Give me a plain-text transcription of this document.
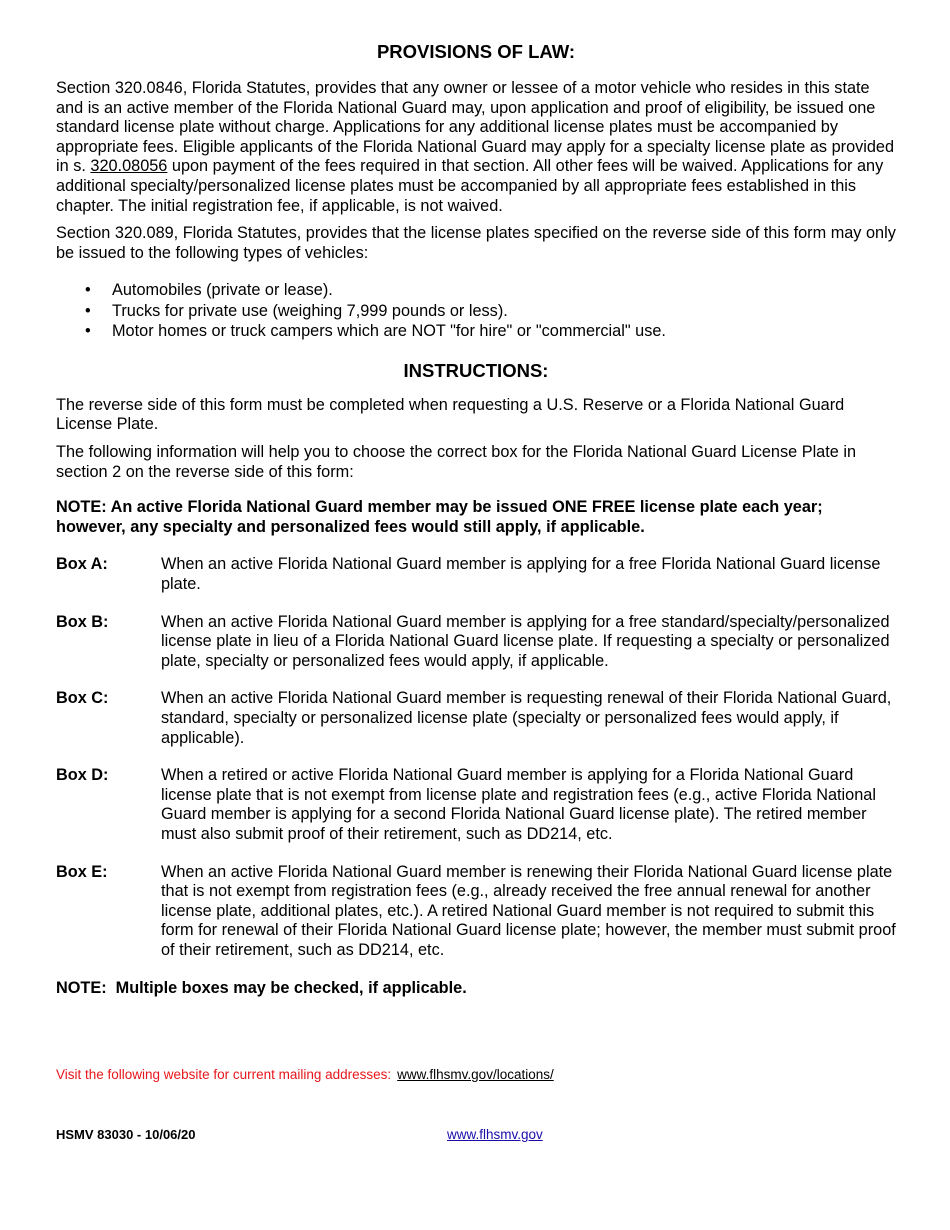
PROVISIONS OF LAW:

Section 320.0846, Florida Statutes, provides that any owner or lessee of a motor vehicle who resides in this state and is an active member of the Florida National Guard may, upon application and proof of eligibility, be issued one standard license plate without charge. Applications for any additional license plates must be accompanied by appropriate fees. Eligible applicants of the Florida National Guard may apply for a specialty license plate as provided in s. 320.08056 upon payment of the fees required in that section. All other fees will be waived. Applications for any additional specialty/personalized license plates must be accompanied by all appropriate fees established in this chapter. The initial registration fee, if applicable, is not waived.

Section 320.089, Florida Statutes, provides that the license plates specified on the reverse side of this form may only be issued to the following types of vehicles:

• Automobiles (private or lease).
• Trucks for private use (weighing 7,999 pounds or less).
• Motor homes or truck campers which are NOT "for hire" or "commercial" use.
INSTRUCTIONS:

The reverse side of this form must be completed when requesting a U.S. Reserve or a Florida National Guard License Plate.

The following information will help you to choose the correct box for the Florida National Guard License Plate in section 2 on the reverse side of this form:

NOTE: An active Florida National Guard member may be issued ONE FREE license plate each year; however, any specialty and personalized fees would still apply, if applicable.

Box A:	When an active Florida National Guard member is applying for a free Florida National Guard license plate.
Box B:	When an active Florida National Guard member is applying for a free standard/specialty/personalized license plate in lieu of a Florida National Guard license plate. If requesting a specialty or personalized plate, specialty or personalized fees would apply, if applicable.
Box C:	When an active Florida National Guard member is requesting renewal of their Florida National Guard, standard, specialty or personalized license plate (specialty or personalized fees would apply, if applicable).
Box D:	When a retired or active Florida National Guard member is applying for a Florida National Guard license plate that is not exempt from license plate and registration fees (e.g., active Florida National Guard member is applying for a second Florida National Guard license plate). The retired member must also submit proof of their retirement, such as DD214, etc.
Box E:	When an active Florida National Guard member is renewing their Florida National Guard license plate that is not exempt from registration fees (e.g., already received the free annual renewal for another license plate, additional plates, etc.). A retired National Guard member is not required to submit this form for renewal of their Florida National Guard license plate; however, the member must submit proof of their retirement, such as DD214, etc.

NOTE: Multiple boxes may be checked, if applicable.

Visit the following website for current mailing addresses: www.flhsmv.gov/locations/
HSMV 83030 - 10/06/20	www.flhsmv.gov
